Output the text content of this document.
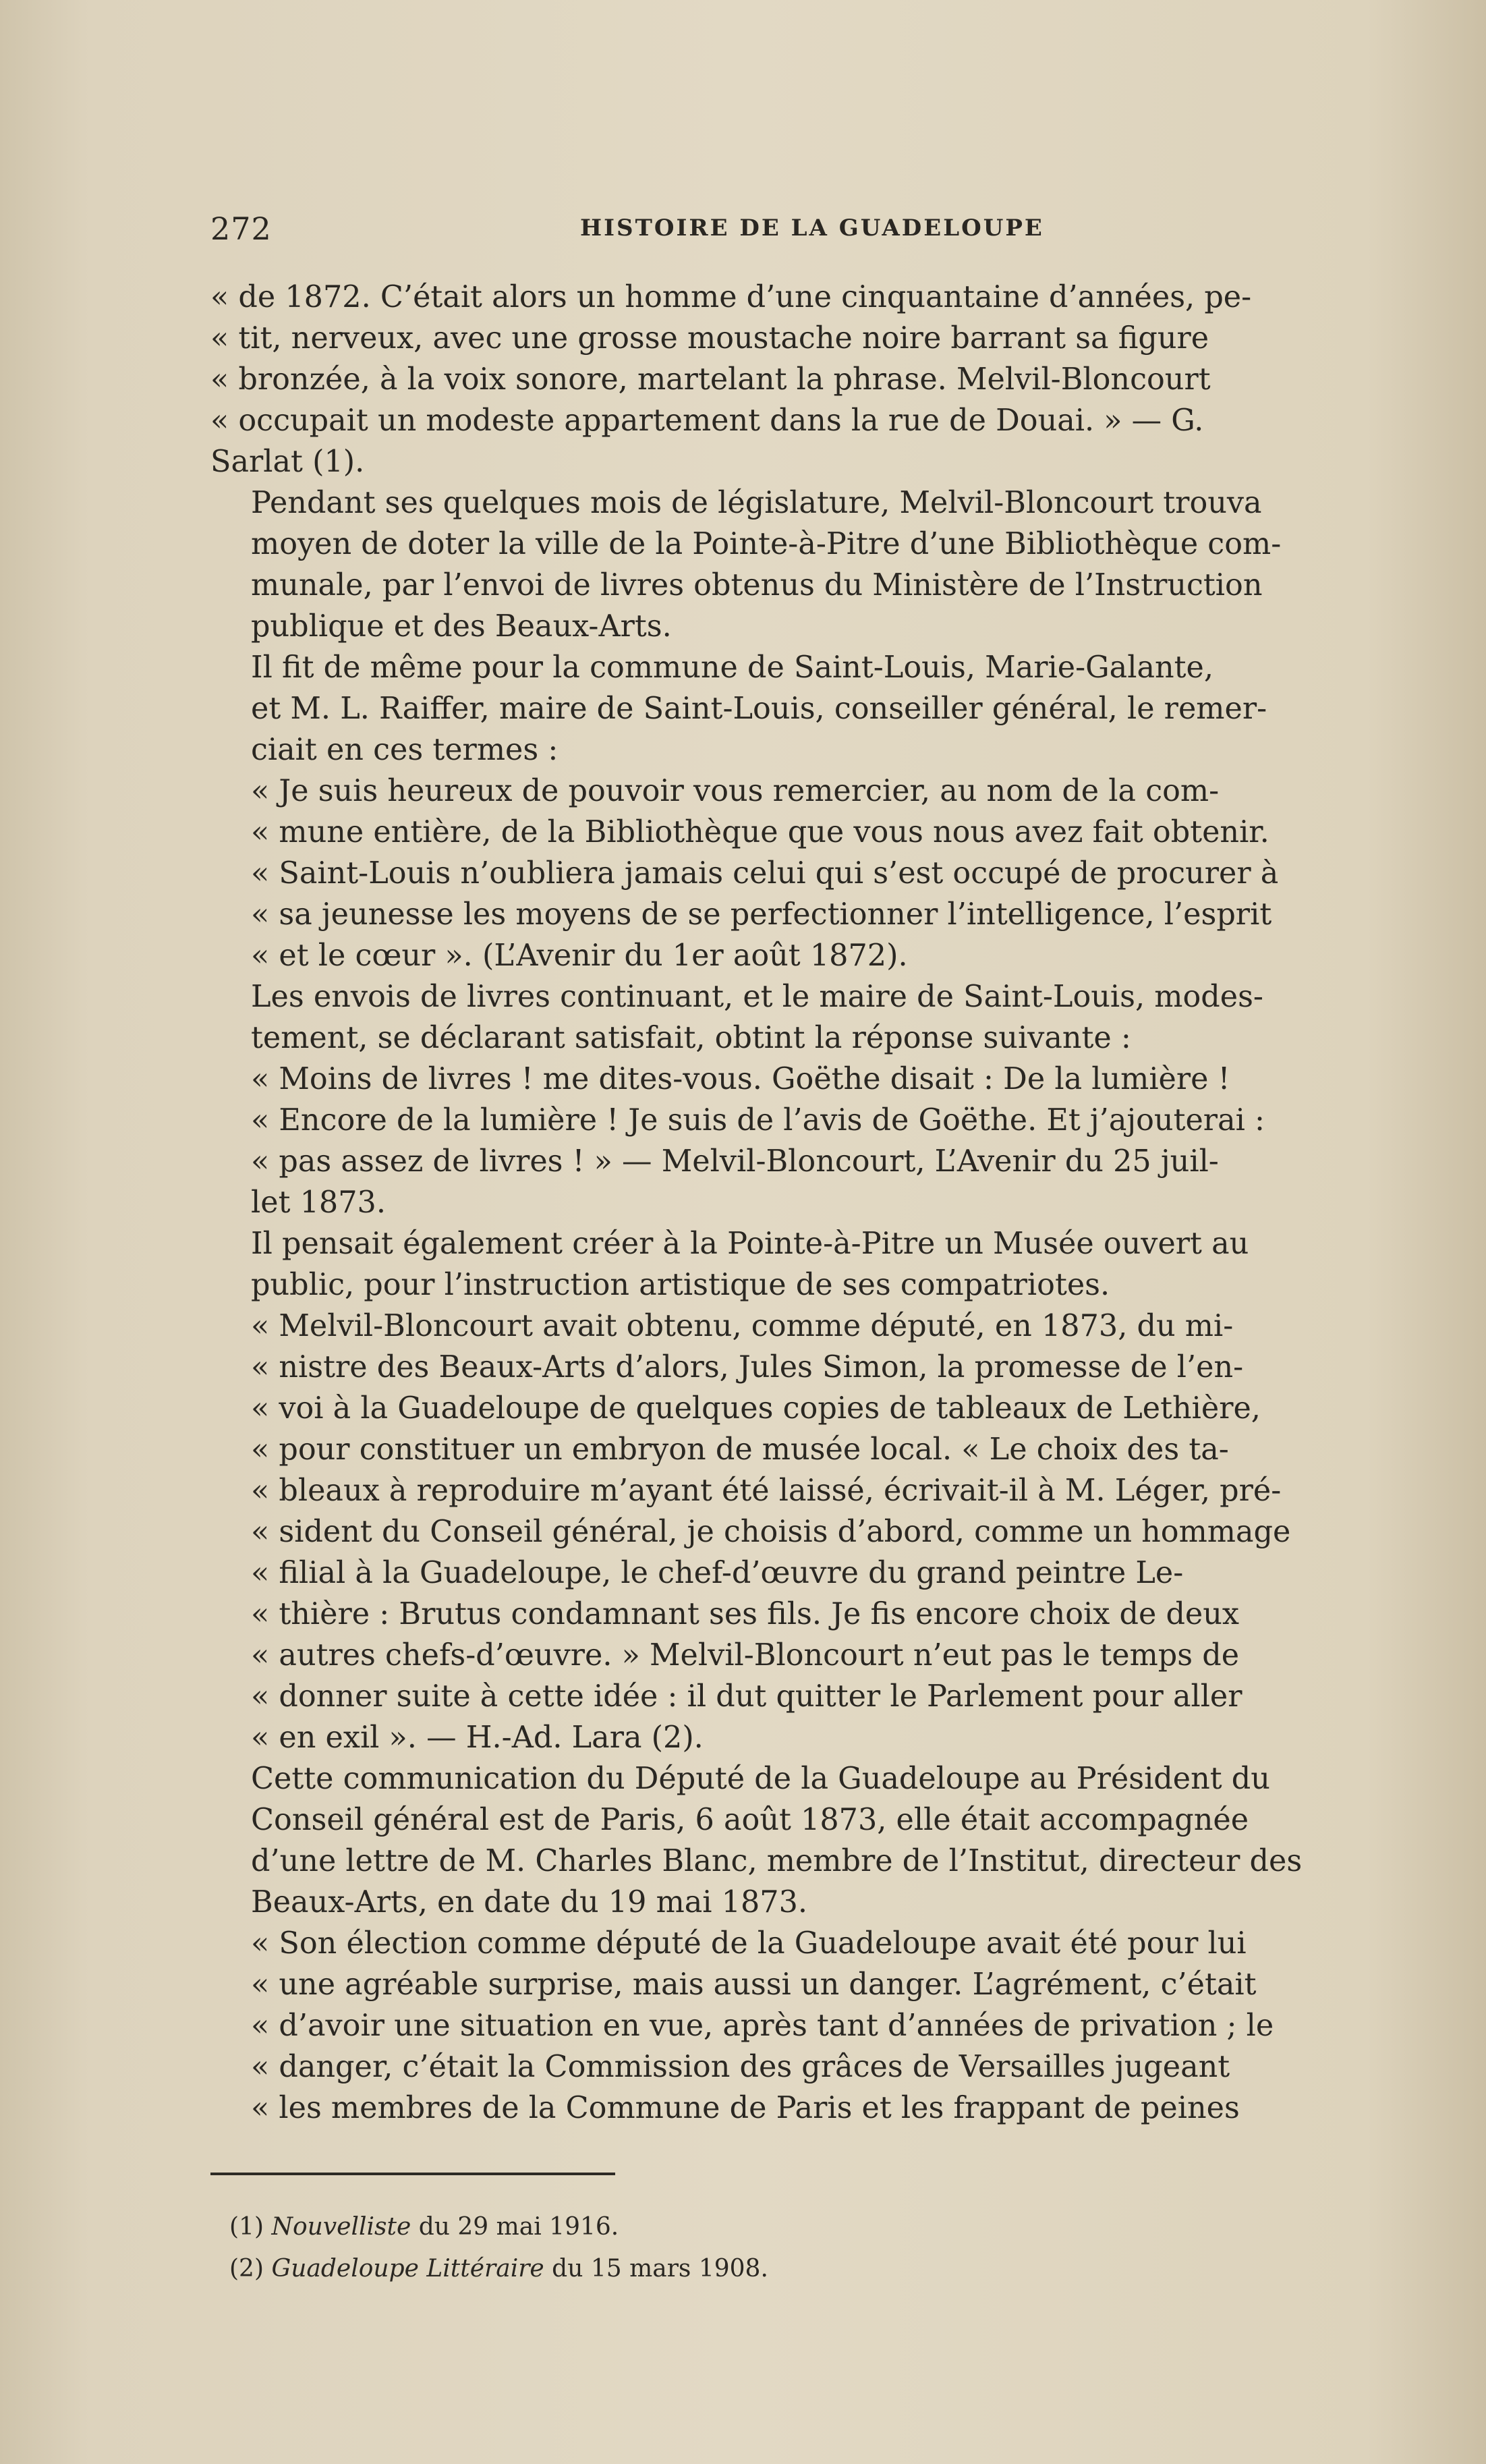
272	HISTOIRE DE LA GUADELOUPE

« de 1872. C’était alors un homme d’une cinquantaine d’années, pe-
« tit, nerveux, avec une grosse moustache noire barrant sa figure
« bronzée, à la voix sonore, martelant la phrase. Melvil-Bloncourt
« occupait un modeste appartement dans la rue de Douai. » — G.
Sarlat (1).

Pendant ses quelques mois de législature, Melvil-Bloncourt trouva
moyen de doter la ville de la Pointe-à-Pitre d’une Bibliothèque com-
munale, par l’envoi de livres obtenus du Ministère de l’Instruction
publique et des Beaux-Arts.

Il fit de même pour la commune de Saint-Louis, Marie-Galante,
et M. L. Raiffer, maire de Saint-Louis, conseiller général, le remer-
ciait en ces termes :

« Je suis heureux de pouvoir vous remercier, au nom de la com-
« mune entière, de la Bibliothèque que vous nous avez fait obtenir.
« Saint-Louis n’oubliera jamais celui qui s’est occupé de procurer à
« sa jeunesse les moyens de se perfectionner l’intelligence, l’esprit
« et le cœur ». (L’Avenir du 1er août 1872).

Les envois de livres continuant, et le maire de Saint-Louis, modes-
tement, se déclarant satisfait, obtint la réponse suivante :

« Moins de livres ! me dites-vous. Goëthe disait : De la lumière !
« Encore de la lumière ! Je suis de l’avis de Goëthe. Et j’ajouterai :
« pas assez de livres ! » — Melvil-Bloncourt, L’Avenir du 25 juil-
let 1873.

Il pensait également créer à la Pointe-à-Pitre un Musée ouvert au
public, pour l’instruction artistique de ses compatriotes.

« Melvil-Bloncourt avait obtenu, comme député, en 1873, du mi-
« nistre des Beaux-Arts d’alors, Jules Simon, la promesse de l’en-
« voi à la Guadeloupe de quelques copies de tableaux de Lethière,
« pour constituer un embryon de musée local. « Le choix des ta-
« bleaux à reproduire m’ayant été laissé, écrivait-il à M. Léger, pré-
« sident du Conseil général, je choisis d’abord, comme un hommage
« filial à la Guadeloupe, le chef-d’œuvre du grand peintre Le-
« thière : Brutus condamnant ses fils. Je fis encore choix de deux
« autres chefs-d’œuvre. » Melvil-Bloncourt n’eut pas le temps de
« donner suite à cette idée : il dut quitter le Parlement pour aller
« en exil ». — H.-Ad. Lara (2).

Cette communication du Député de la Guadeloupe au Président du
Conseil général est de Paris, 6 août 1873, elle était accompagnée
d’une lettre de M. Charles Blanc, membre de l’Institut, directeur des
Beaux-Arts, en date du 19 mai 1873.

« Son élection comme député de la Guadeloupe avait été pour lui
« une agréable surprise, mais aussi un danger. L’agrément, c’était
« d’avoir une situation en vue, après tant d’années de privation ; le
« danger, c’était la Commission des grâces de Versailles jugeant
« les membres de la Commune de Paris et les frappant de peines

(1) Nouvelliste du 29 mai 1916.
(2) Guadeloupe Littéraire du 15 mars 1908.
